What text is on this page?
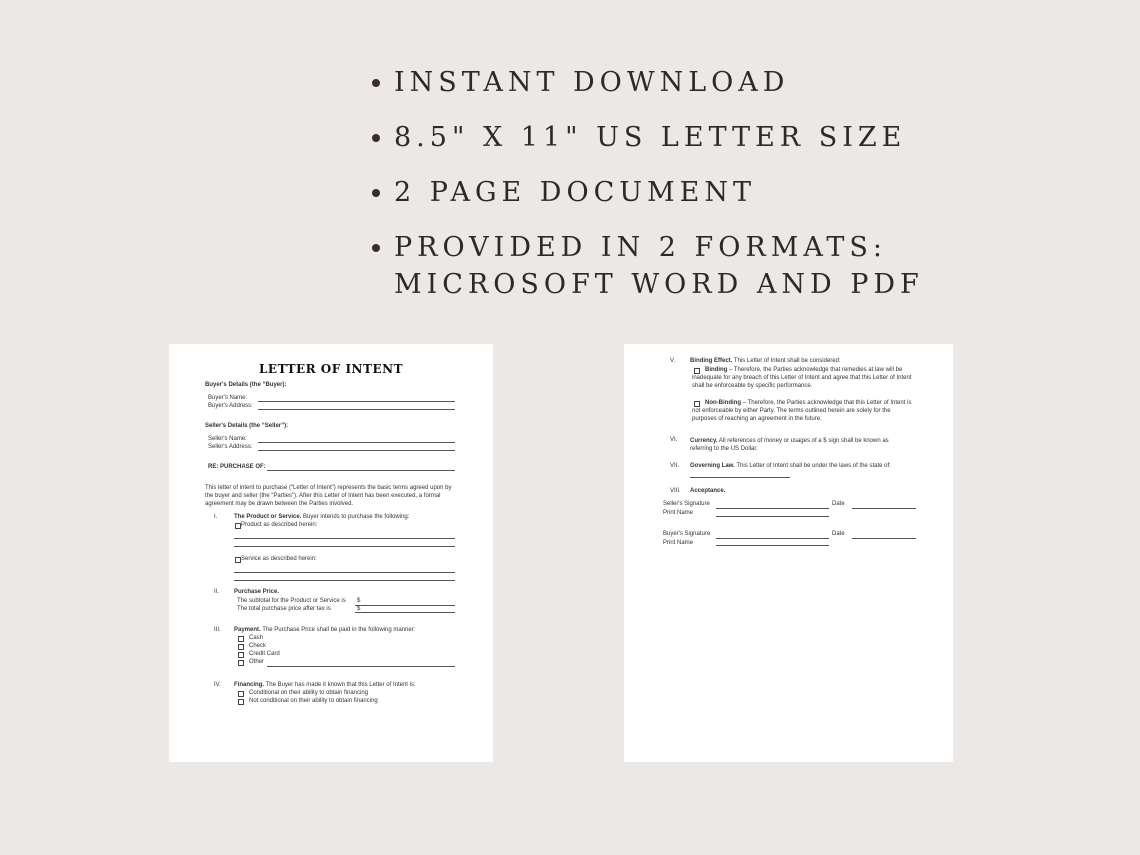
INSTANT DOWNLOAD
8.5" X 11" US LETTER SIZE
2 PAGE DOCUMENT
PROVIDED IN 2 FORMATS:
MICROSOFT WORD AND PDF
LETTER OF INTENT
Buyer's Details (the “Buyer):
Buyer's Name:
Buyer's Address:
Seller's Details (the “Seller”):
Seller's Name:
Seller's Address:
RE: PURCHASE OF:
This letter of intent to purchase (“Letter of Intent”) represents the basic terms agreed upon by the buyer and seller (the “Parties”). After this Letter of Intent has been executed, a formal agreement may be drawn between the Parties involved.
I.	The Product or Service. Buyer intends to purchase the following:
Product as described herein:
Service as described herein:
II. Purchase Price.
The subtotal for the Product or Service is $
The total purchase price after tax is	$
III. Payment. The Purchase Price shall be paid in the following manner:
Cash
Check
Credit Card
Other
IV. Financing. The Buyer has made it known that this Letter of Intent is:
Conditional on their ability to obtain financing
Not conditional on their ability to obtain financing
V. Binding Effect. This Letter of Intent shall be considered:
Binding – Therefore, the Parties acknowledge that remedies at law will be inadequate for any breach of this Letter of Intent and agree that this Letter of Intent shall be enforceable by specific performance.
Non-Binding – Therefore, the Parties acknowledge that this Letter of Intent is not enforceable by either Party. The terms outlined herein are solely for the purposes of reaching an agreement in the future.
VI. Currency. All references of money or usages of a $ sign shall be known as referring to the US Dollar.
VII. Governing Law. This Letter of Intent shall be under the laws of the state of:
VIII. Acceptance.
Seller's Signature	Date
Print Name
Buyer's Signature	Date
Print Name
